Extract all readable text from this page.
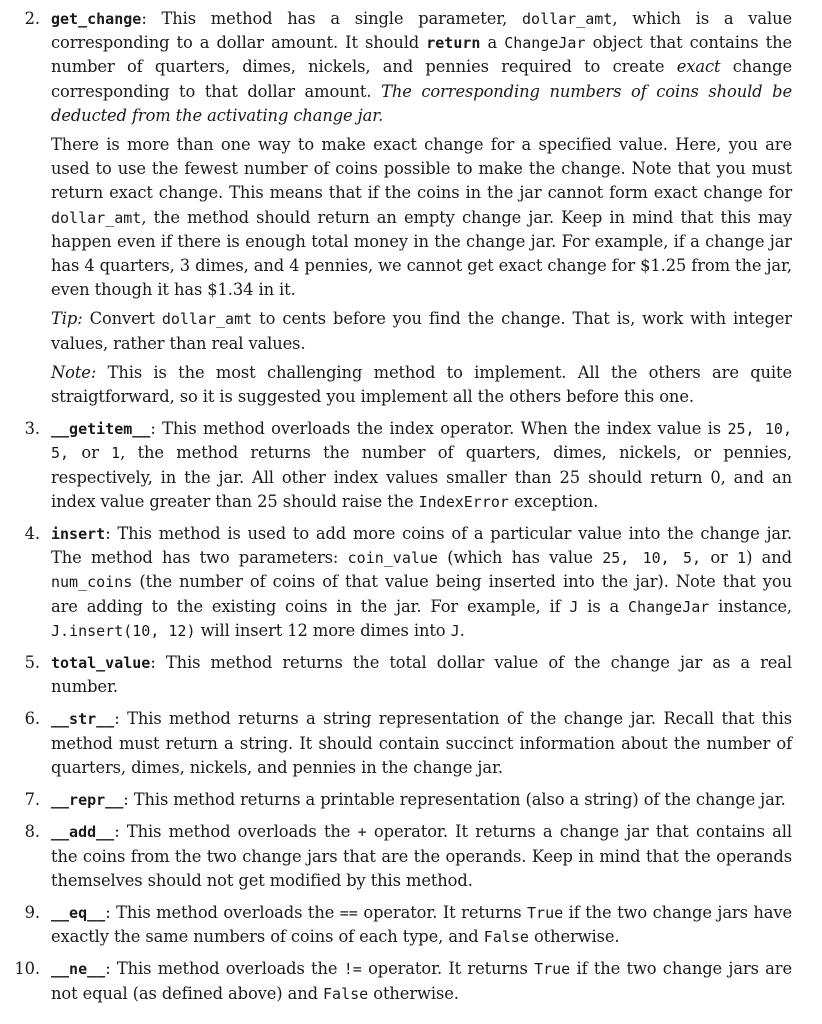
2. get_change: This method has a single parameter, dollar_amt, which is a value corresponding to a dollar amount. It should return a ChangeJar object that contains the number of quarters, dimes, nickels, and pennies required to create exact change corresponding to that dollar amount. The corresponding numbers of coins should be deducted from the activating change jar.

There is more than one way to make exact change for a specified value. Here, you are used to use the fewest number of coins possible to make the change. Note that you must return exact change. This means that if the coins in the jar cannot form exact change for dollar_amt, the method should return an empty change jar. Keep in mind that this may happen even if there is enough total money in the change jar. For example, if a change jar has 4 quarters, 3 dimes, and 4 pennies, we cannot get exact change for $1.25 from the jar, even though it has $1.34 in it.

Tip: Convert dollar_amt to cents before you find the change. That is, work with integer values, rather than real values.

Note: This is the most challenging method to implement. All the others are quite straigtforward, so it is suggested you implement all the others before this one.

3. __getitem__: This method overloads the index operator. When the index value is 25, 10, 5, or 1, the method returns the number of quarters, dimes, nickels, or pennies, respectively, in the jar. All other index values smaller than 25 should return 0, and an index value greater than 25 should raise the IndexError exception.

4. insert: This method is used to add more coins of a particular value into the change jar. The method has two parameters: coin_value (which has value 25, 10, 5, or 1) and num_coins (the number of coins of that value being inserted into the jar). Note that you are adding to the existing coins in the jar. For example, if J is a ChangeJar instance, J.insert(10, 12) will insert 12 more dimes into J.

5. total_value: This method returns the total dollar value of the change jar as a real number.

6. __str__: This method returns a string representation of the change jar. Recall that this method must return a string. It should contain succinct information about the number of quarters, dimes, nickels, and pennies in the change jar.

7. __repr__: This method returns a printable representation (also a string) of the change jar.

8. __add__: This method overloads the + operator. It returns a change jar that contains all the coins from the two change jars that are the operands. Keep in mind that the operands themselves should not get modified by this method.

9. __eq__: This method overloads the == operator. It returns True if the two change jars have exactly the same numbers of coins of each type, and False otherwise.

10. __ne__: This method overloads the != operator. It returns True if the two change jars are not equal (as defined above) and False otherwise.
